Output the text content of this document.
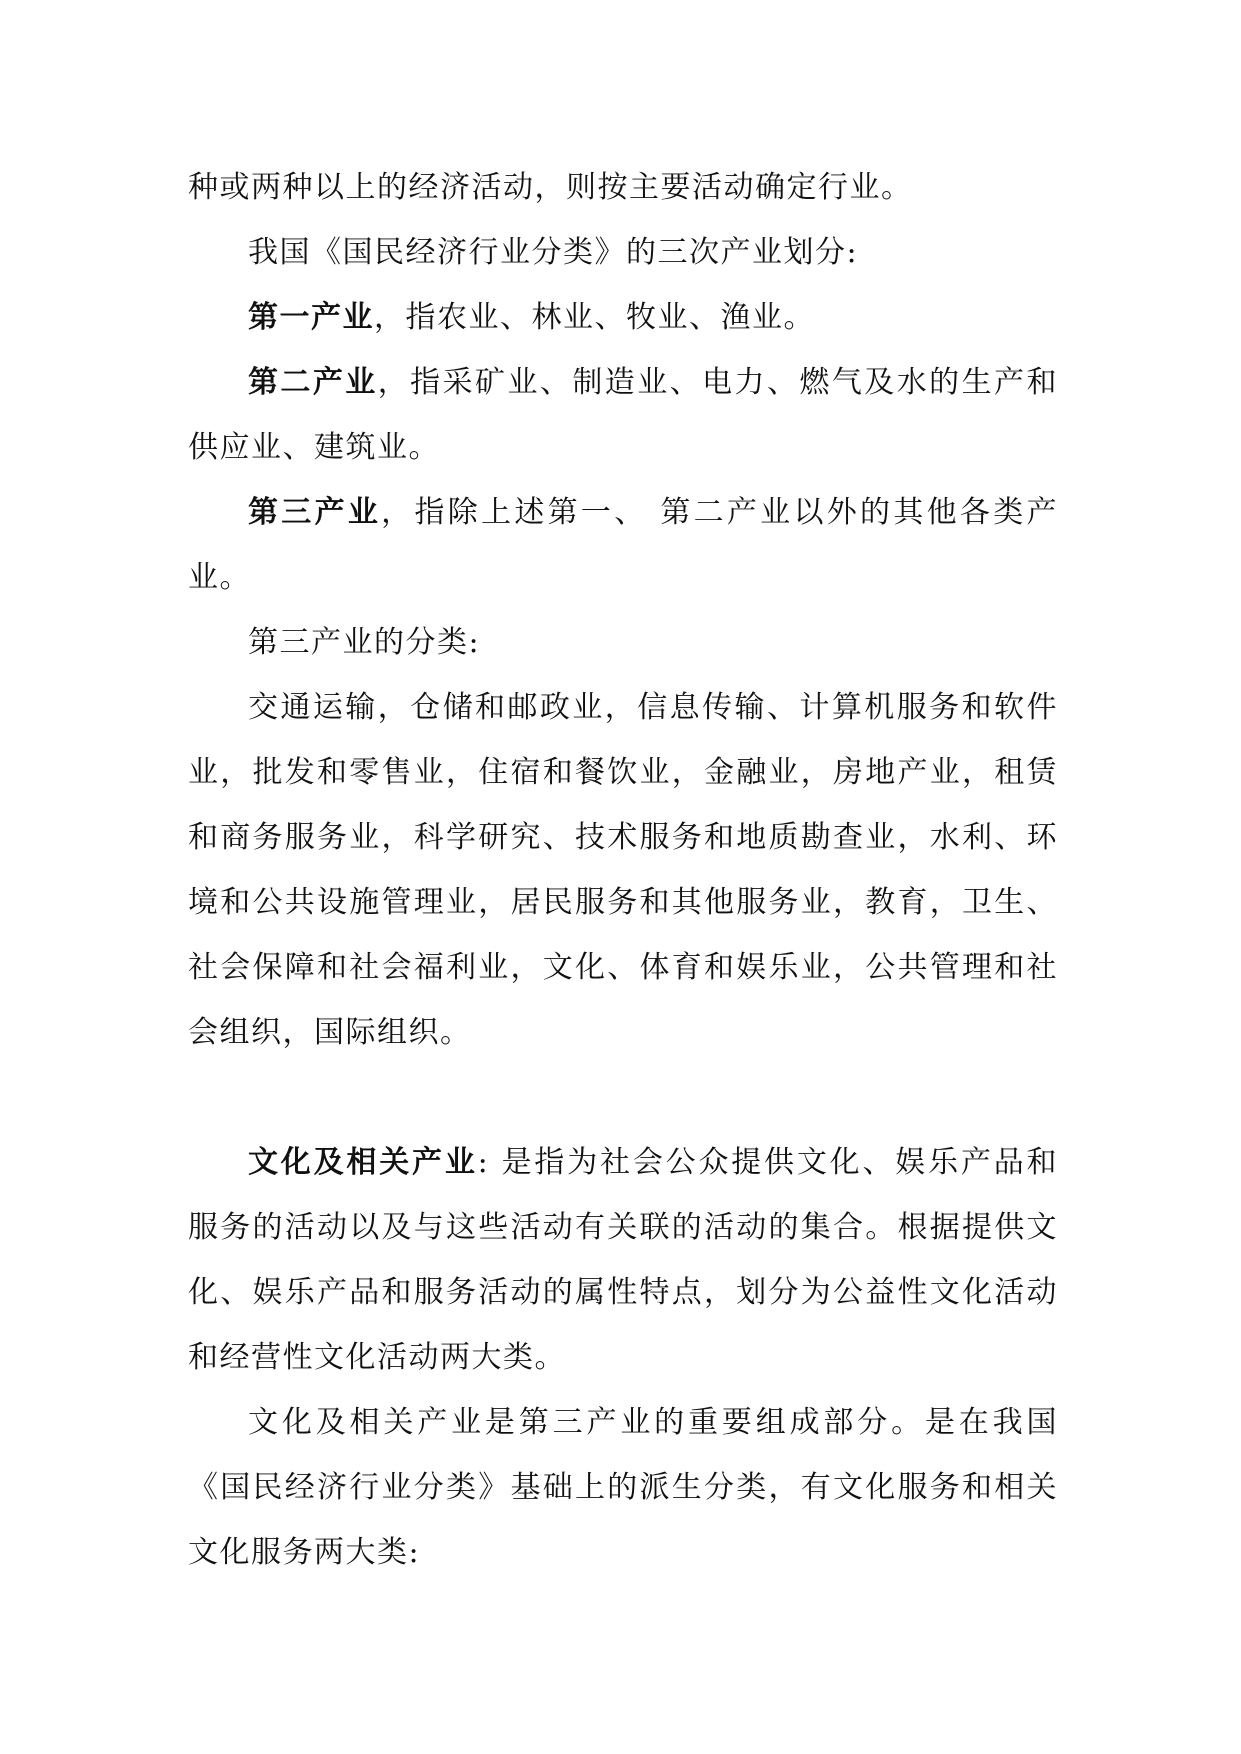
种或两种以上的经济活动，则按主要活动确定行业。

我国《国民经济行业分类》的三次产业划分:

第一产业，指农业、林业、牧业、渔业。

第二产业，指采矿业、制造业、电力、燃气及水的生产和供应业、建筑业。

第三产业，指除上述第一、 第二产业以外的其他各类产业。

第三产业的分类:

交通运输，仓储和邮政业，信息传输、计算机服务和软件业，批发和零售业，住宿和餐饮业，金融业，房地产业，租赁和商务服务业，科学研究、技术服务和地质勘查业，水利、环境和公共设施管理业，居民服务和其他服务业，教育，卫生、社会保障和社会福利业，文化、体育和娱乐业，公共管理和社会组织，国际组织。

文化及相关产业: 是指为社会公众提供文化、娱乐产品和服务的活动以及与这些活动有关联的活动的集合。根据提供文化、娱乐产品和服务活动的属性特点，划分为公益性文化活动和经营性文化活动两大类。

文化及相关产业是第三产业的重要组成部分。是在我国《国民经济行业分类》基础上的派生分类，有文化服务和相关文化服务两大类:
